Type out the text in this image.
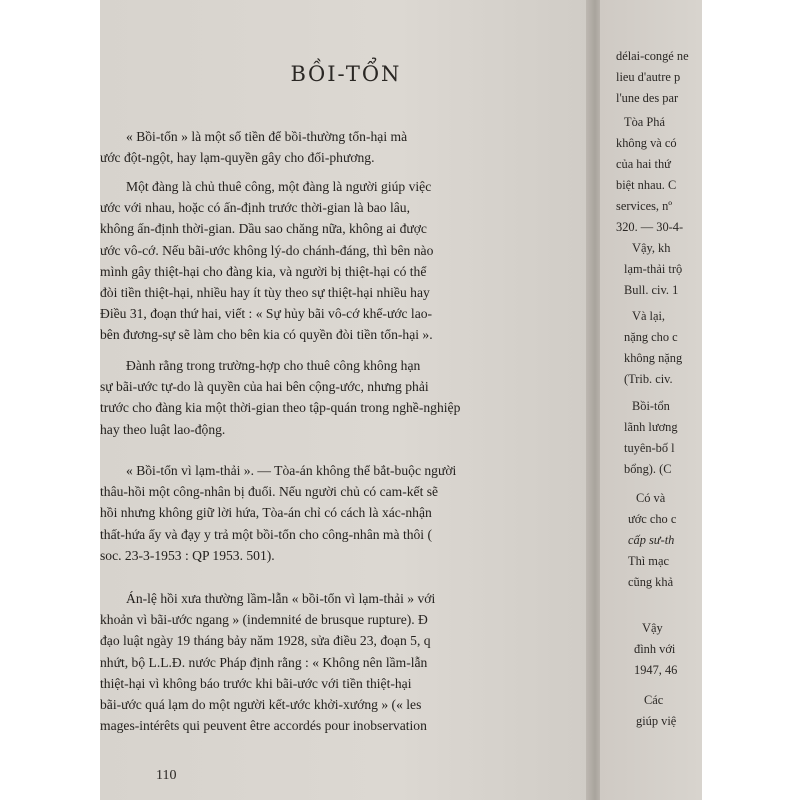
BỒI-TỔN
« Bồi-tổn » là một số tiền để bồi-thường tổn-hại mà
ước đột-ngột, hay lạm-quyền gây cho đối-phương.
Một đàng là chủ thuê công, một đàng là người giúp việc
ước với nhau, hoặc có ấn-định trước thời-gian là bao lâu,
không ấn-định thời-gian. Dầu sao chăng nữa, không ai được
ước vô-cớ. Nếu bãi-ước không lý-do chánh-đáng, thì bên nào
mình gây thiệt-hại cho đàng kia, và người bị thiệt-hại có thể
đòi tiền thiệt-hại, nhiều hay ít tùy theo sự thiệt-hại nhiều hay
Điều 31, đoạn thứ hai, viết : « Sự hủy bãi vô-cớ khế-ước lao-
bên đương-sự sẽ làm cho bên kia có quyền đòi tiền tổn-hại ».
Đành rằng trong trường-hợp cho thuê công không hạn
sự bãi-ước tự-do là quyền của hai bên cộng-ước, nhưng phải
trước cho đàng kia một thời-gian theo tập-quán trong nghề-nghiệp
hay theo luật lao-động.
« Bồi-tổn vì lạm-thải ». — Tòa-án không thể bắt-buộc người
thâu-hồi một công-nhân bị đuổi. Nếu người chủ có cam-kết sẽ
hồi nhưng không giữ lời hứa, Tòa-án chỉ có cách là xác-nhận
thất-hứa ấy và đạy y trả một bồi-tổn cho công-nhân mà thôi (
soc. 23-3-1953 : QP 1953. 501).
Án-lệ hồi xưa thường lầm-lẫn « bồi-tổn vì lạm-thải » với
khoản vì bãi-ước ngang » (indemnité de brusque rupture). Đ
đạo luật ngày 19 tháng bảy năm 1928, sửa điều 23, đoạn 5, q
nhứt, bộ L.L.Đ. nước Pháp định rằng : « Không nên lầm-lẫn
thiệt-hại vì không báo trước khi bãi-ước với tiền thiệt-hại
bãi-ước quá lạm do một người kết-ước khởi-xướng » (« les
mages-intérêts qui peuvent être accordés pour inobservation
110
délai-congé ne
lieu d'autre p
l'une des par
Tòa Phá
không và có
của hai thứ
biệt nhau. C
services, nº
320. — 30-4-
Vậy, kh
lạm-thải trộ
Bull. civ. 1
Và lại,
nặng cho c
không nặng
(Trib. civ.
Bồi-tổn
lãnh lương
tuyên-bố l
bổng). (C
Có và
ước cho c
cấp sư-th
Thì mạc
cũng khả
Vậy
đình với
1947, 46
Các
giúp việ
